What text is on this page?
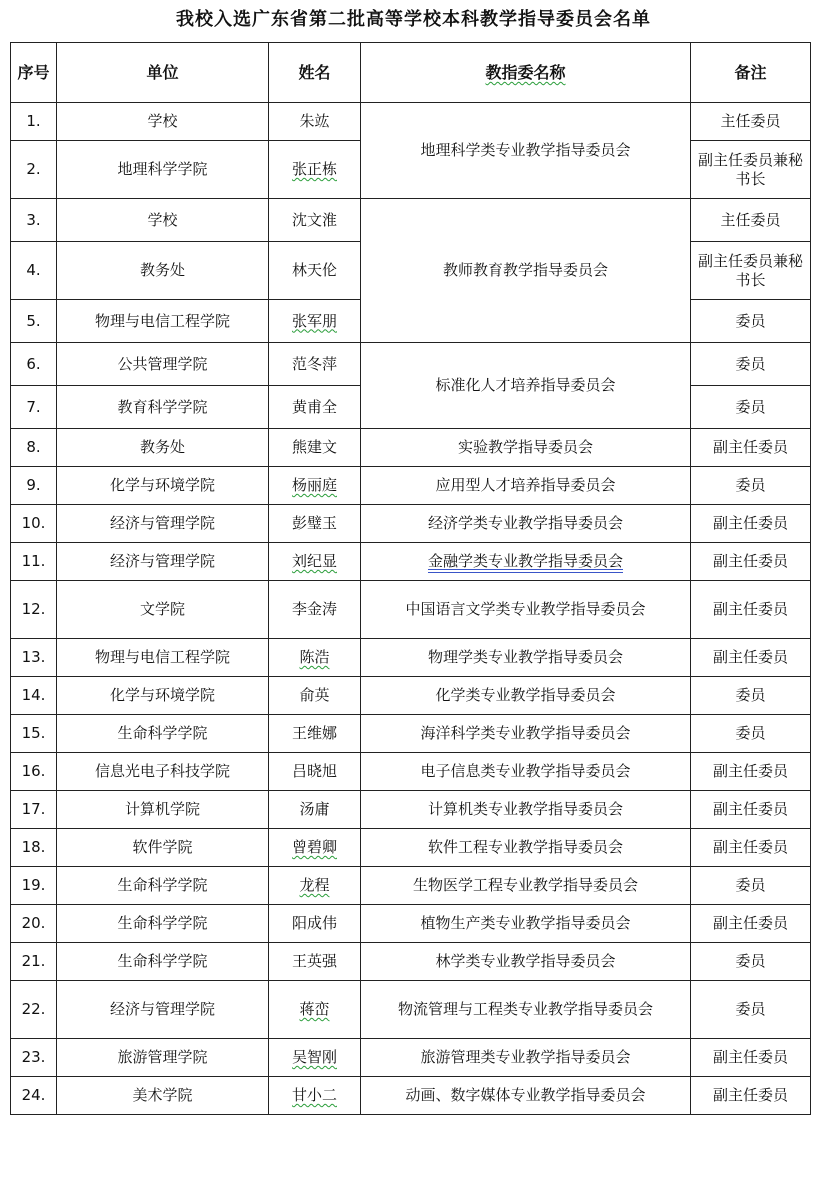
我校入选广东省第二批高等学校本科教学指导委员会名单
序号	单位	姓名	教指委名称	备注
1.	学校	朱竑	地理科学类专业教学指导委员会	主任委员
2.	地理科学学院	张正栋		副主任委员兼秘书长
3.	学校	沈文淮	教师教育教学指导委员会	主任委员
4.	教务处	林天伦		副主任委员兼秘书长
5.	物理与电信工程学院	张军朋		委员
6.	公共管理学院	范冬萍	标准化人才培养指导委员会	委员
7.	教育科学学院	黄甫全		委员
8.	教务处	熊建文	实验教学指导委员会	副主任委员
9.	化学与环境学院	杨丽庭	应用型人才培养指导委员会	委员
10.	经济与管理学院	彭璧玉	经济学类专业教学指导委员会	副主任委员
11.	经济与管理学院	刘纪显	金融学类专业教学指导委员会	副主任委员
12.	文学院	李金涛	中国语言文学类专业教学指导委员会	副主任委员
13.	物理与电信工程学院	陈浩	物理学类专业教学指导委员会	副主任委员
14.	化学与环境学院	俞英	化学类专业教学指导委员会	委员
15.	生命科学学院	王维娜	海洋科学类专业教学指导委员会	委员
16.	信息光电子科技学院	吕晓旭	电子信息类专业教学指导委员会	副主任委员
17.	计算机学院	汤庸	计算机类专业教学指导委员会	副主任委员
18.	软件学院	曾碧卿	软件工程专业教学指导委员会	副主任委员
19.	生命科学学院	龙程	生物医学工程专业教学指导委员会	委员
20.	生命科学学院	阳成伟	植物生产类专业教学指导委员会	副主任委员
21.	生命科学学院	王英强	林学类专业教学指导委员会	委员
22.	经济与管理学院	蒋峦	物流管理与工程类专业教学指导委员会	委员
23.	旅游管理学院	吴智刚	旅游管理类专业教学指导委员会	副主任委员
24.	美术学院	甘小二	动画、数字媒体专业教学指导委员会	副主任委员
